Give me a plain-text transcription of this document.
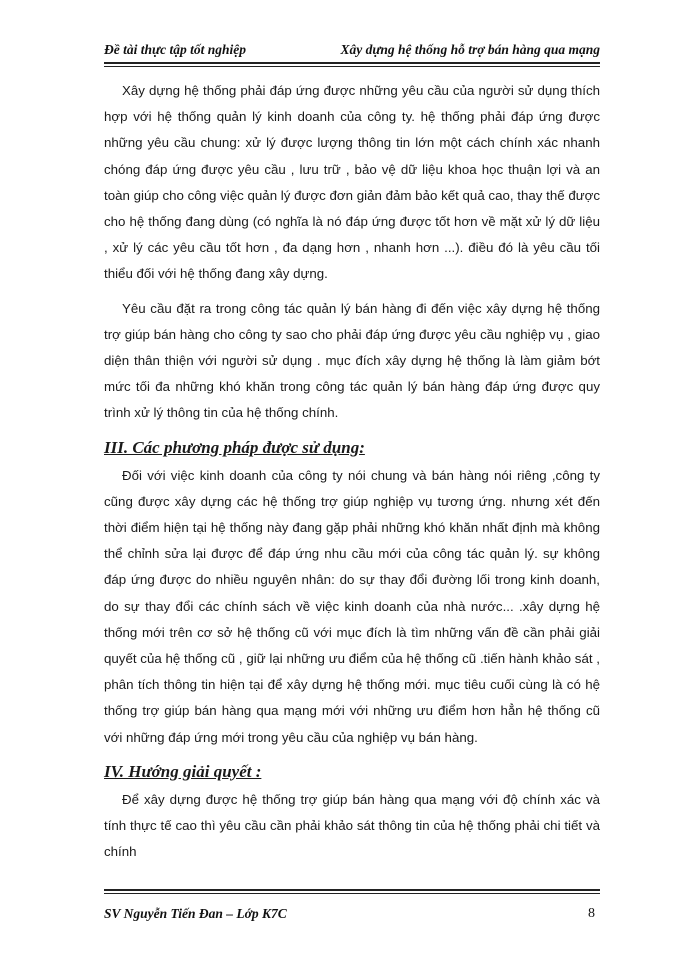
Đề tài thực tập tốt nghiệp	Xây dựng hệ thống hỗ trợ bán hàng qua mạng

Xây dựng hệ thống phải đáp ứng được những yêu cầu của người sử dụng thích hợp với hệ thống quản lý kinh doanh của công ty. hệ thống phải đáp ứng được những yêu cầu chung: xử lý được lượng thông tin lớn một cách chính xác nhanh chóng đáp ứng được yêu cầu , lưu trữ , bảo vệ dữ liệu khoa học thuận lợi và an toàn giúp cho công việc quản lý được đơn giản đảm bảo kết quả cao, thay thế được cho hệ thống đang dùng (có nghĩa là nó đáp ứng được tốt hơn về mặt xử lý dữ liệu , xử lý các yêu cầu tốt hơn , đa dạng hơn , nhanh hơn ...). điều đó là yêu cầu tối thiểu đối với hệ thống đang xây dựng.

Yêu cầu đặt ra trong công tác quản lý bán hàng đi đến việc xây dựng hệ thống trợ giúp bán hàng cho công ty sao cho phải đáp ứng được yêu cầu nghiệp vụ , giao diện thân thiện với người sử dụng . mục đích xây dựng hệ thống là làm giảm bớt mức tối đa những khó khăn trong công tác quản lý bán hàng đáp ứng được quy trình xử lý thông tin của hệ thống chính.

III. Các phương pháp được sử dụng:

Đối với việc kinh doanh của công ty nói chung và bán hàng nói riêng ,công ty cũng được xây dựng các hệ thống trợ giúp nghiệp vụ tương ứng. nhưng xét đến thời điểm hiện tại hệ thống này đang gặp phải những khó khăn nhất định mà không thể chỉnh sửa lại được để đáp ứng nhu cầu mới của công tác quản lý. sự không đáp ứng được do nhiều nguyên nhân: do sự thay đổi đường lối trong kinh doanh, do sự thay đổi các chính sách về việc kinh doanh của nhà nước... .xây dựng hệ thống mới trên cơ sở hệ thống cũ với mục đích là tìm những vấn đề cần phải giải quyết của hệ thống cũ , giữ lại những ưu điểm của hệ thống cũ .tiến hành khảo sát , phân tích thông tin hiện tại để xây dựng hệ thống mới. mục tiêu cuối cùng là có hệ thống trợ giúp bán hàng qua mạng mới với những ưu điểm hơn hẳn hệ thống cũ với những đáp ứng mới trong yêu cầu của nghiệp vụ bán hàng.

IV. Hướng giải quyết :

Để xây dựng được hệ thống trợ giúp bán hàng qua mạng với độ chính xác và tính thực tế cao thì yêu cầu cần phải khảo sát thông tin của hệ thống phải chi tiết và chính

SV Nguyễn Tiến Đan – Lớp K7C	8
